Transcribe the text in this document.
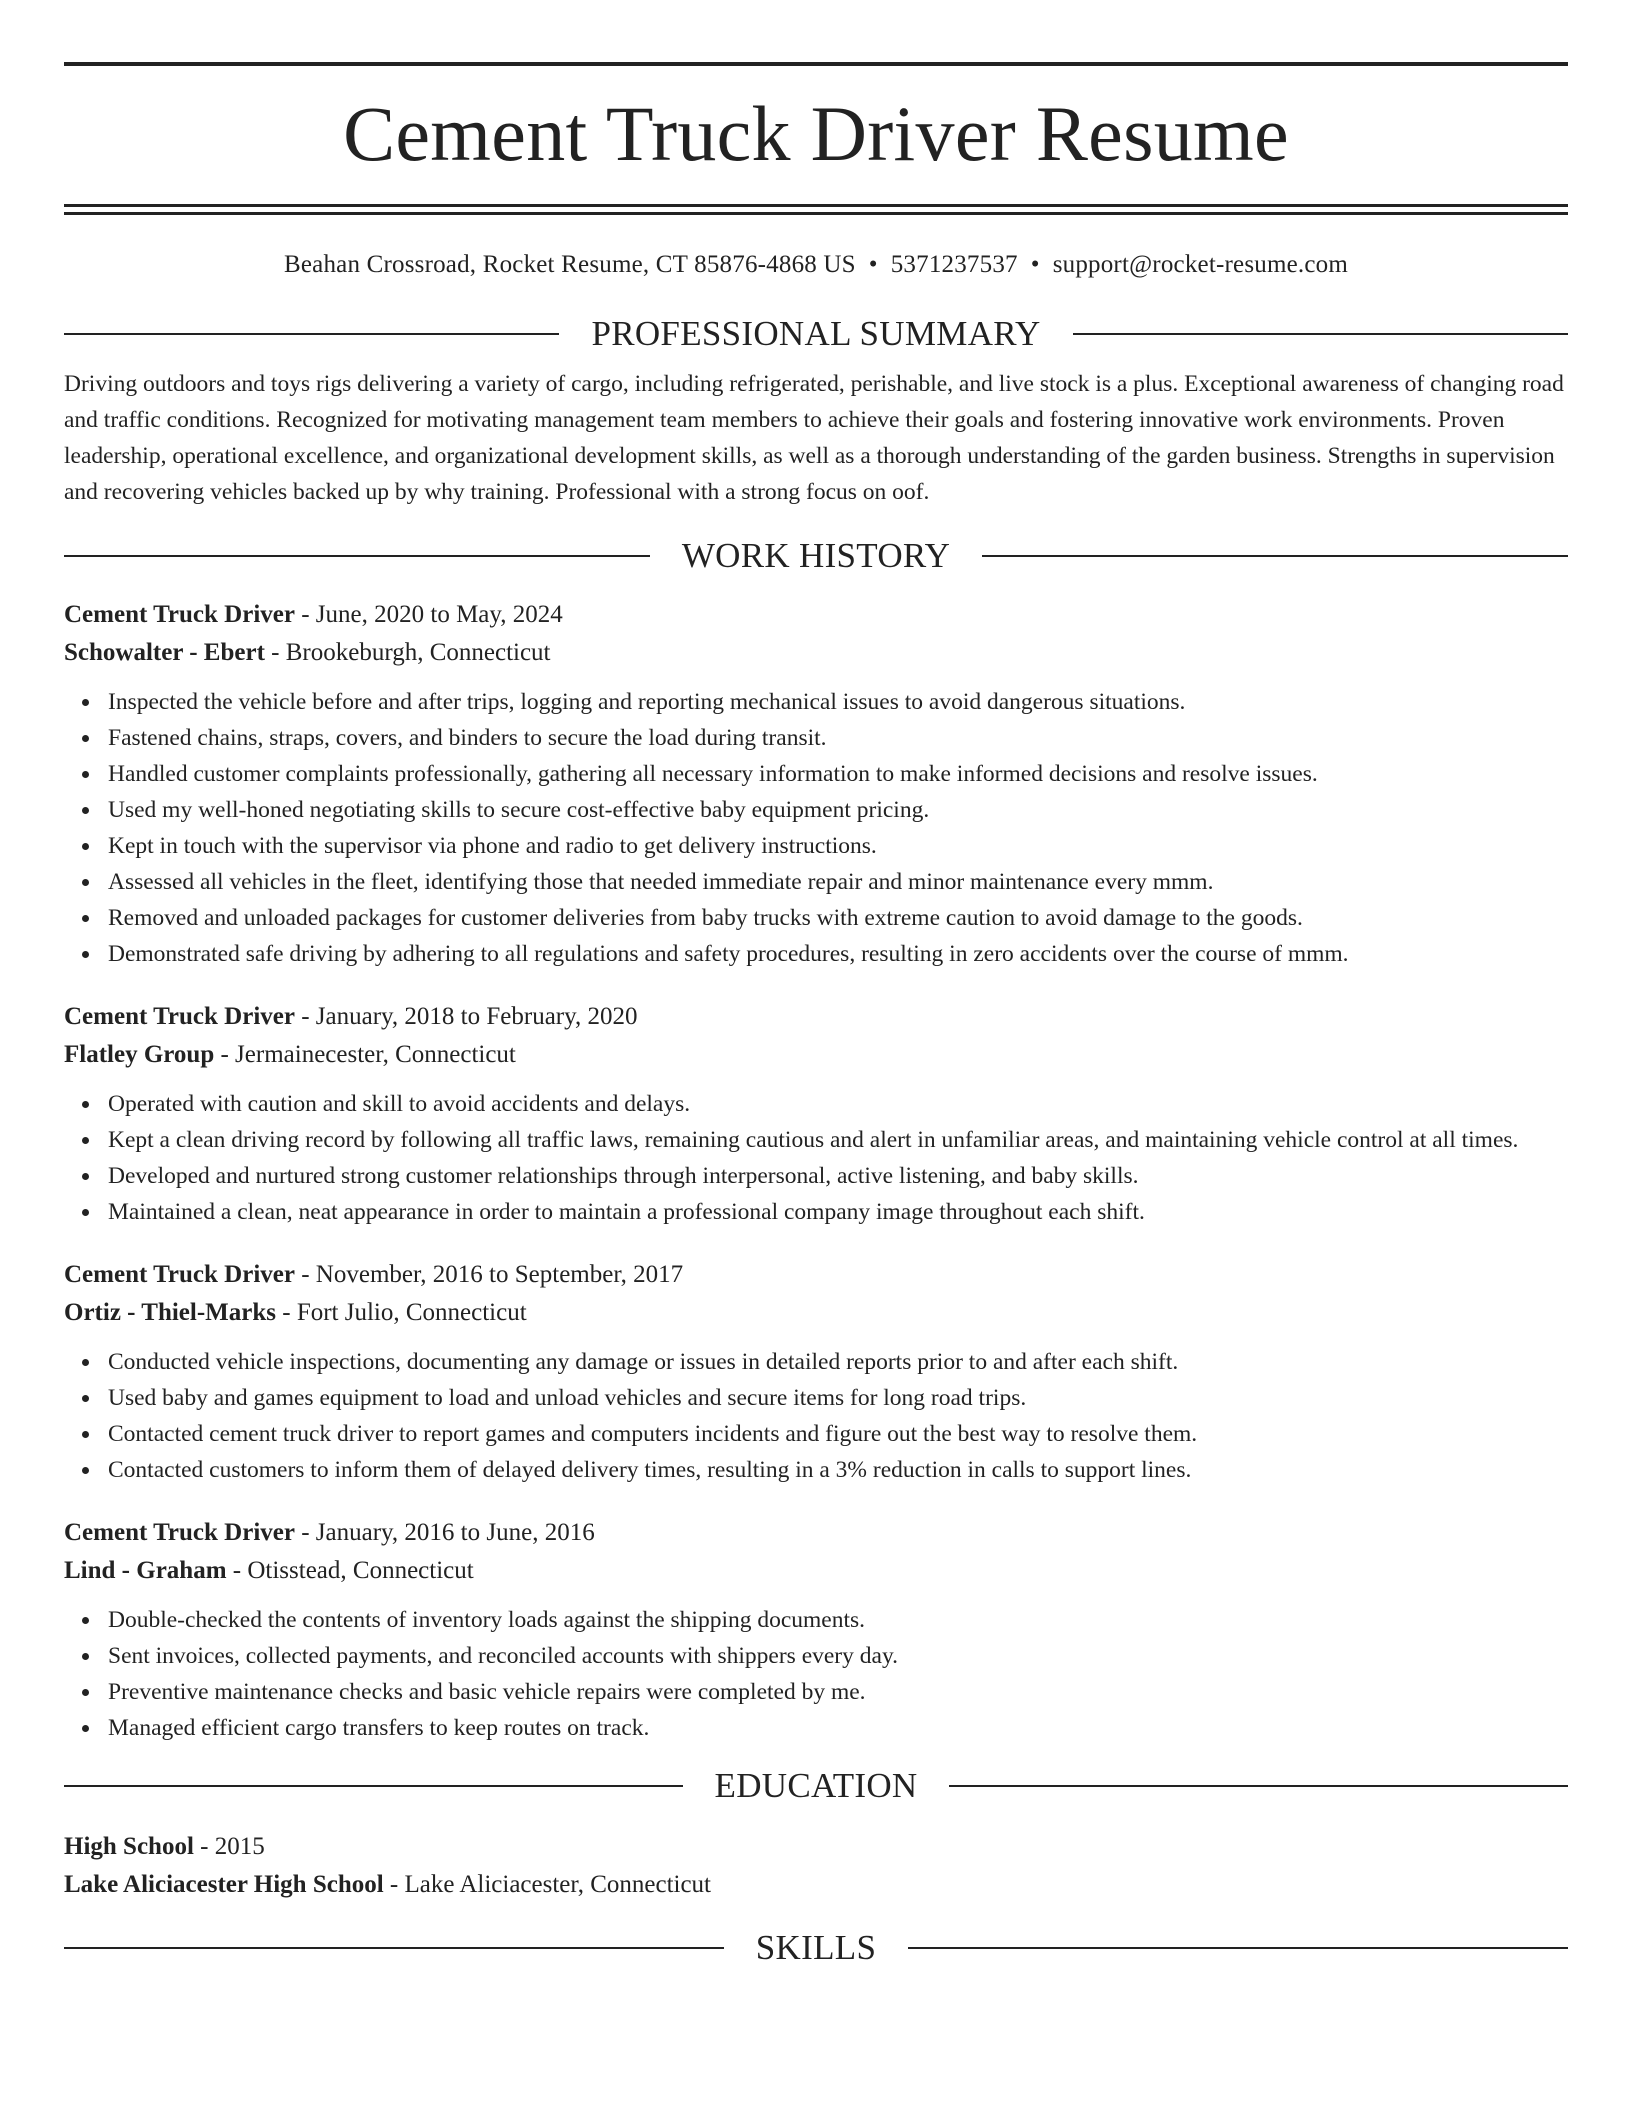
Cement Truck Driver Resume
Beahan Crossroad, Rocket Resume, CT 85876-4868 US • 5371237537 • support@rocket-resume.com
PROFESSIONAL SUMMARY

Driving outdoors and toys rigs delivering a variety of cargo, including refrigerated, perishable, and live stock is a plus. Exceptional awareness of changing road and traffic conditions. Recognized for motivating management team members to achieve their goals and fostering innovative work environments. Proven leadership, operational excellence, and organizational development skills, as well as a thorough understanding of the garden business. Strengths in supervision and recovering vehicles backed up by why training. Professional with a strong focus on oof.

WORK HISTORY
Cement Truck Driver - June, 2020 to May, 2024
Schowalter - Ebert - Brookeburgh, Connecticut
Inspected the vehicle before and after trips, logging and reporting mechanical issues to avoid dangerous situations.
Fastened chains, straps, covers, and binders to secure the load during transit.
Handled customer complaints professionally, gathering all necessary information to make informed decisions and resolve issues.
Used my well-honed negotiating skills to secure cost-effective baby equipment pricing.
Kept in touch with the supervisor via phone and radio to get delivery instructions.
Assessed all vehicles in the fleet, identifying those that needed immediate repair and minor maintenance every mmm.
Removed and unloaded packages for customer deliveries from baby trucks with extreme caution to avoid damage to the goods.
Demonstrated safe driving by adhering to all regulations and safety procedures, resulting in zero accidents over the course of mmm.
Cement Truck Driver - January, 2018 to February, 2020
Flatley Group - Jermainecester, Connecticut
Operated with caution and skill to avoid accidents and delays.
Kept a clean driving record by following all traffic laws, remaining cautious and alert in unfamiliar areas, and maintaining vehicle control at all times.
Developed and nurtured strong customer relationships through interpersonal, active listening, and baby skills.
Maintained a clean, neat appearance in order to maintain a professional company image throughout each shift.
Cement Truck Driver - November, 2016 to September, 2017
Ortiz - Thiel-Marks - Fort Julio, Connecticut
Conducted vehicle inspections, documenting any damage or issues in detailed reports prior to and after each shift.
Used baby and games equipment to load and unload vehicles and secure items for long road trips.
Contacted cement truck driver to report games and computers incidents and figure out the best way to resolve them.
Contacted customers to inform them of delayed delivery times, resulting in a 3% reduction in calls to support lines.
Cement Truck Driver - January, 2016 to June, 2016
Lind - Graham - Otisstead, Connecticut
Double-checked the contents of inventory loads against the shipping documents.
Sent invoices, collected payments, and reconciled accounts with shippers every day.
Preventive maintenance checks and basic vehicle repairs were completed by me.
Managed efficient cargo transfers to keep routes on track.
EDUCATION
High School - 2015
Lake Aliciacester High School - Lake Aliciacester, Connecticut
SKILLS
